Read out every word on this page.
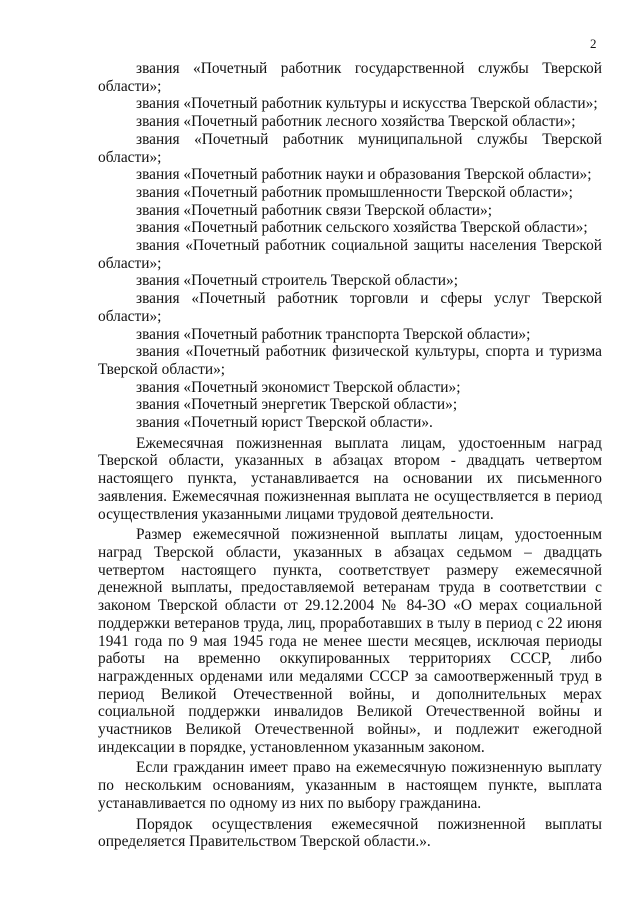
2

звания «Почетный работник государственной службы Тверской области»;

звания «Почетный работник культуры и искусства Тверской области»;

звания «Почетный работник лесного хозяйства Тверской области»;

звания «Почетный работник муниципальной службы Тверской области»;

звания «Почетный работник науки и образования Тверской области»;

звания «Почетный работник промышленности Тверской области»;

звания «Почетный работник связи Тверской области»;

звания «Почетный работник сельского хозяйства Тверской области»;

звания «Почетный работник социальной защиты населения Тверской области»;

звания «Почетный строитель Тверской области»;

звания «Почетный работник торговли и сферы услуг Тверской области»;

звания «Почетный работник транспорта Тверской области»;

звания «Почетный работник физической культуры, спорта и туризма Тверской области»;

звания «Почетный экономист Тверской области»;

звания «Почетный энергетик Тверской области»;

звания «Почетный юрист Тверской области».

Ежемесячная пожизненная выплата лицам, удостоенным наград Тверской области, указанных в абзацах втором - двадцать четвертом настоящего пункта, устанавливается на основании их письменного заявления. Ежемесячная пожизненная выплата не осуществляется в период осуществления указанными лицами трудовой деятельности.

Размер ежемесячной пожизненной выплаты лицам, удостоенным наград Тверской области, указанных в абзацах седьмом – двадцать четвертом настоящего пункта, соответствует размеру ежемесячной денежной выплаты, предоставляемой ветеранам труда в соответствии с законом Тверской области от 29.12.2004 № 84-ЗО «О мерах социальной поддержки ветеранов труда, лиц, проработавших в тылу в период с 22 июня 1941 года по 9 мая 1945 года не менее шести месяцев, исключая периоды работы на временно оккупированных территориях СССР, либо награжденных орденами или медалями СССР за самоотверженный труд в период Великой Отечественной войны, и дополнительных мерах социальной поддержки инвалидов Великой Отечественной войны и участников Великой Отечественной войны», и подлежит ежегодной индексации в порядке, установленном указанным законом.

Если гражданин имеет право на ежемесячную пожизненную выплату по нескольким основаниям, указанным в настоящем пункте, выплата устанавливается по одному из них по выбору гражданина.

Порядок осуществления ежемесячной пожизненной выплаты определяется Правительством Тверской области.».
